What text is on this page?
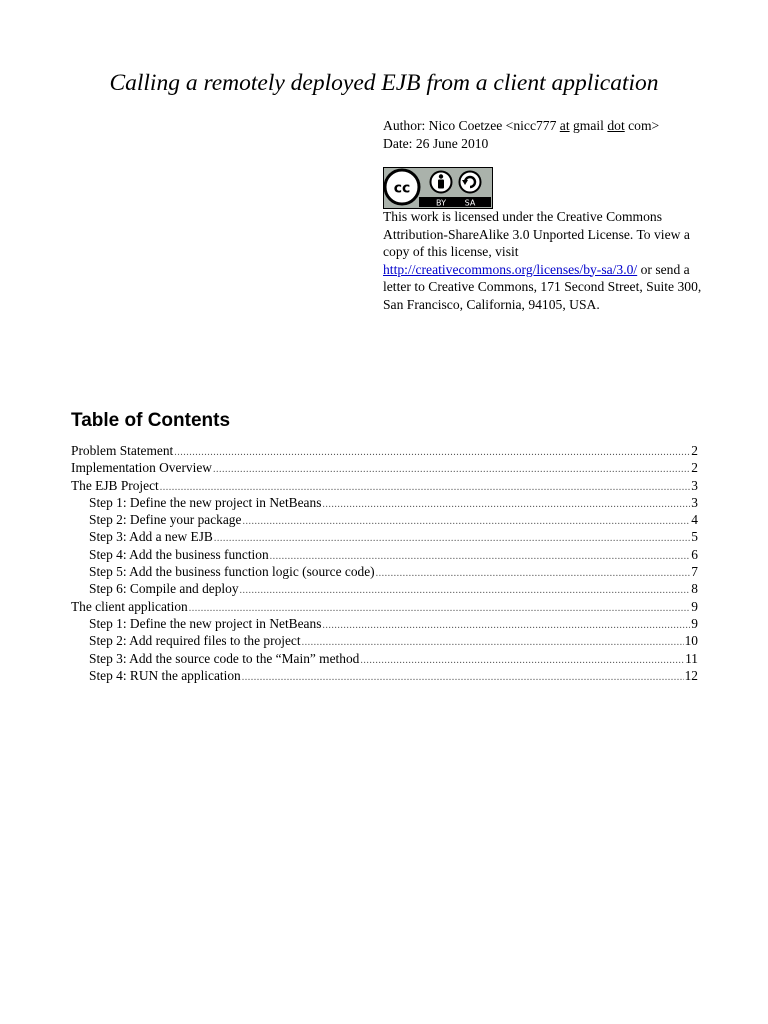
Calling a remotely deployed EJB from a client application
Author: Nico Coetzee <nicc777 at gmail dot com>
Date: 26 June 2010
cc
BY SA
This work is licensed under the Creative Commons Attribution-ShareAlike 3.0 Unported License. To view a copy of this license, visit http://creativecommons.org/licenses/by-sa/3.0/ or send a letter to Creative Commons, 171 Second Street, Suite 300, San Francisco, California, 94105, USA.
Table of Contents
Problem Statement .....	2
Implementation Overview .....	2
The EJB Project .....	3
Step 1: Define the new project in NetBeans .....	3
Step 2: Define your package .....	4
Step 3: Add a new EJB .....	5
Step 4: Add the business function .....	6
Step 5: Add the business function logic (source code) .....	7
Step 6: Compile and deploy .....	8
The client application .....	9
Step 1: Define the new project in NetBeans .....	9
Step 2: Add required files to the project .....	10
Step 3: Add the source code to the “Main” method .....	11
Step 4: RUN the application .....	12
